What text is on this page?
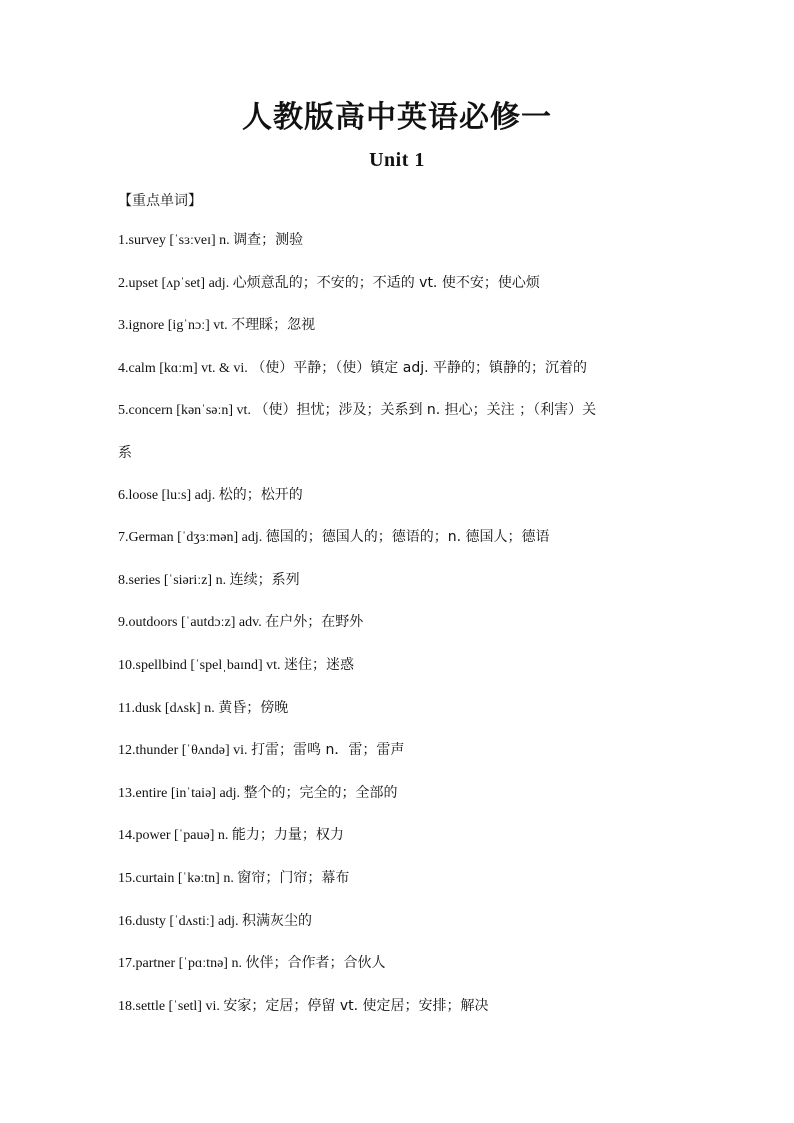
人教版高中英语必修一
Unit 1
【重点单词】
1.survey [ˈsɜːveɪ] n. 调查；测验
2.upset [ʌpˈset] adj. 心烦意乱的；不安的；不适的 vt. 使不安；使心烦
3.ignore [igˈnɔː] vt. 不理睬；忽视
4.calm [kɑːm] vt. & vi. （使）平静；（使）镇定 adj. 平静的；镇静的；沉着的
5.concern [kənˈsəːn] vt. （使）担忧；涉及；关系到 n. 担心；关注 ；（利害）关
系
6.loose [luːs] adj. 松的；松开的
7.German [ˈdʒɜːmən] adj. 德国的；德国人的；德语的；n. 德国人；德语
8.series [ˈsiəriːz] n. 连续；系列
9.outdoors [ˈautdɔːz] adv. 在户外；在野外
10.spellbind [ˈspelˌbaɪnd] vt. 迷住；迷惑
11.dusk [dʌsk] n. 黄昏；傍晚
12.thunder [ˈθʌndə] vi. 打雷；雷鸣 n．雷；雷声
13.entire [inˈtaiə] adj. 整个的；完全的；全部的
14.power [ˈpauə] n. 能力；力量；权力
15.curtain [ˈkəːtn] n. 窗帘；门帘；幕布
16.dusty [ˈdʌstiː] adj. 积满灰尘的
17.partner [ˈpɑːtnə] n. 伙伴；合作者；合伙人
18.settle [ˈsetl] vi. 安家；定居；停留 vt. 使定居；安排；解决
